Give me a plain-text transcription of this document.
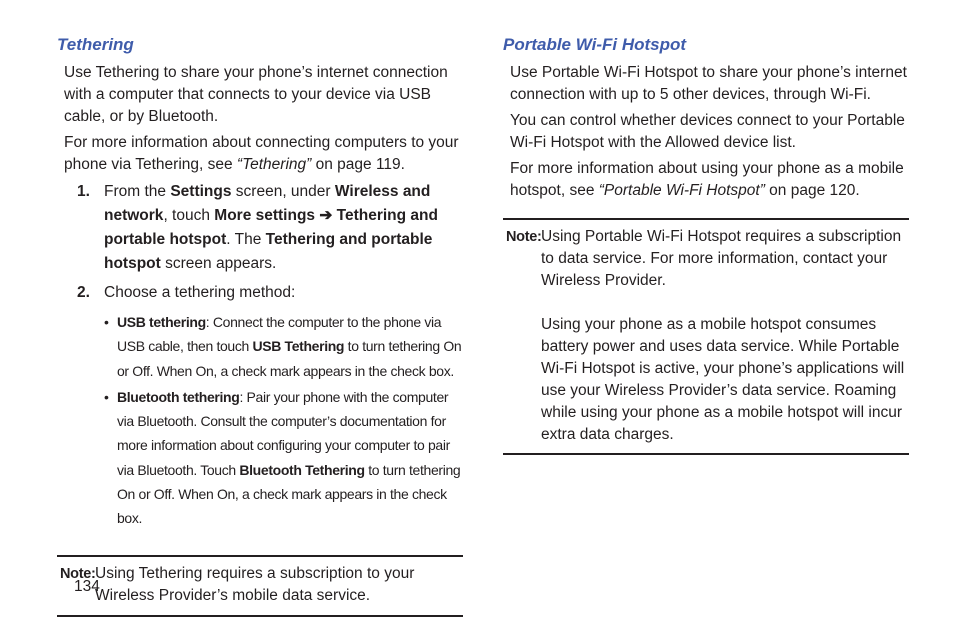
Tethering

Use Tethering to share your phone’s internet connection with a computer that connects to your device via USB cable, or by Bluetooth.

For more information about connecting computers to your phone via Tethering, see “Tethering” on page 119.

1. From the Settings screen, under Wireless and network, touch More settings ➔ Tethering and portable hotspot. The Tethering and portable hotspot screen appears.
2. Choose a tethering method:
• USB tethering: Connect the computer to the phone via USB cable, then touch USB Tethering to turn tethering On or Off. When On, a check mark appears in the check box.
• Bluetooth tethering: Pair your phone with the computer via Bluetooth. Consult the computer’s documentation for more information about configuring your computer to pair via Bluetooth. Touch Bluetooth Tethering to turn tethering On or Off. When On, a check mark appears in the check box.
Note: Using Tethering requires a subscription to your Wireless Provider’s mobile data service.
Portable Wi-Fi Hotspot

Use Portable Wi-Fi Hotspot to share your phone’s internet connection with up to 5 other devices, through Wi-Fi.

You can control whether devices connect to your Portable Wi-Fi Hotspot with the Allowed device list.

For more information about using your phone as a mobile hotspot, see “Portable Wi-Fi Hotspot” on page 120.

Note: Using Portable Wi-Fi Hotspot requires a subscription to data service. For more information, contact your Wireless Provider.
Using your phone as a mobile hotspot consumes battery power and uses data service. While Portable Wi-Fi Hotspot is active, your phone’s applications will use your Wireless Provider’s data service. Roaming while using your phone as a mobile hotspot will incur extra data charges.
134
